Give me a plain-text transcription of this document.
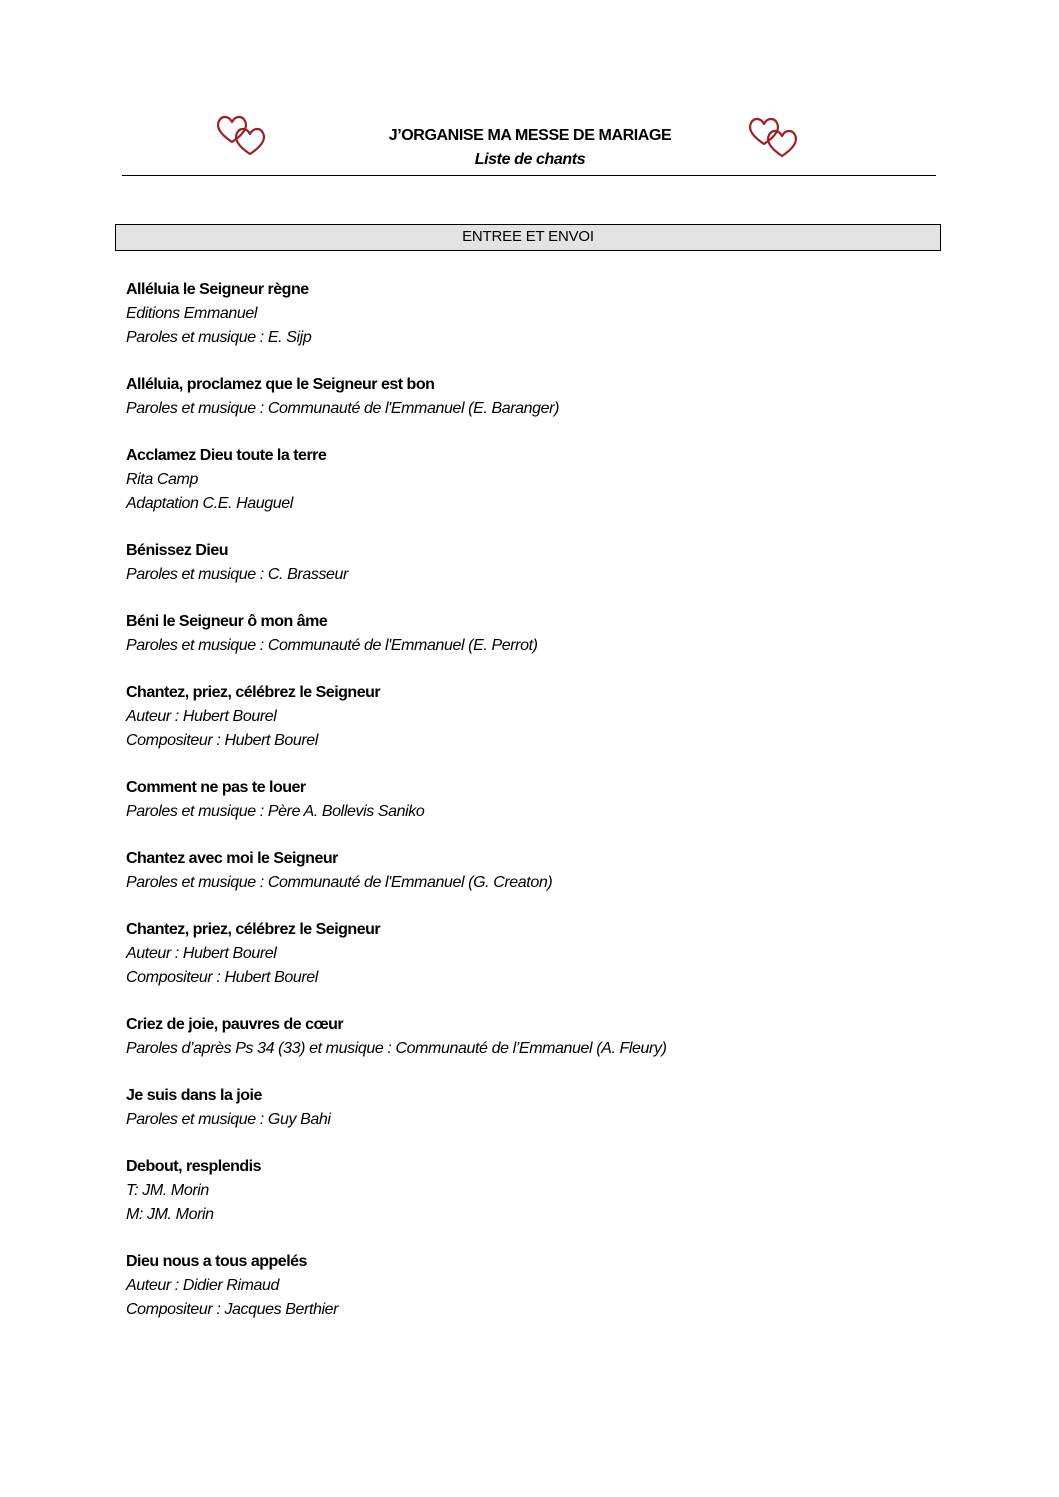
J’ORGANISE MA MESSE DE MARIAGE
Liste de chants
ENTREE ET ENVOI
Alléluia le Seigneur règne
Editions Emmanuel
Paroles et musique : E. Sijp
Alléluia, proclamez que le Seigneur est bon
Paroles et musique : Communauté de l'Emmanuel (E. Baranger)
Acclamez Dieu toute la terre
Rita Camp
Adaptation C.E. Hauguel
Bénissez Dieu
Paroles et musique : C. Brasseur
Béni le Seigneur ô mon âme
Paroles et musique : Communauté de l'Emmanuel (E. Perrot)
Chantez, priez, célébrez le Seigneur
Auteur : Hubert Bourel
Compositeur : Hubert Bourel
Comment ne pas te louer
Paroles et musique : Père A. Bollevis Saniko
Chantez avec moi le Seigneur
Paroles et musique : Communauté de l'Emmanuel (G. Creaton)
Chantez, priez, célébrez le Seigneur
Auteur : Hubert Bourel
Compositeur : Hubert Bourel
Criez de joie, pauvres de cœur
Paroles d’après Ps 34 (33) et musique : Communauté de l’Emmanuel (A. Fleury)
Je suis dans la joie
Paroles et musique : Guy Bahi
Debout, resplendis
T: JM. Morin
M: JM. Morin
Dieu nous a tous appelés
Auteur : Didier Rimaud
Compositeur : Jacques Berthier
